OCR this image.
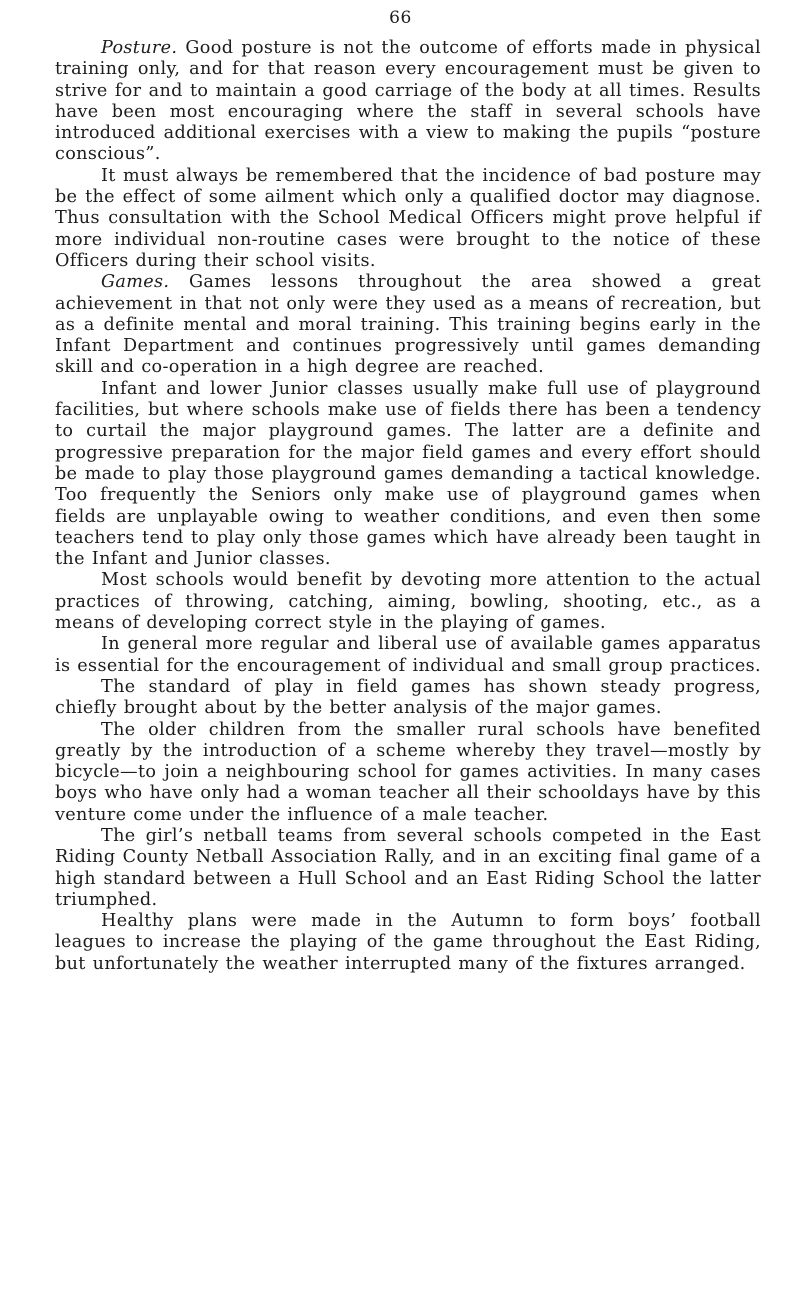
66

Posture. Good posture is not the outcome of efforts made in physical training only, and for that reason every encouragement must be given to strive for and to maintain a good carriage of the body at all times. Results have been most encouraging where the staff in several schools have introduced additional exercises with a view to making the pupils “posture conscious”.

It must always be remembered that the incidence of bad posture may be the effect of some ailment which only a qualified doctor may diagnose. Thus consultation with the School Medical Officers might prove helpful if more individual non-routine cases were brought to the notice of these Officers during their school visits.

Games. Games lessons throughout the area showed a great achievement in that not only were they used as a means of recreation, but as a definite mental and moral training. This training begins early in the Infant Department and continues progressively until games demanding skill and co-operation in a high degree are reached.

Infant and lower Junior classes usually make full use of playground facilities, but where schools make use of fields there has been a tendency to curtail the major playground games. The latter are a definite and progressive preparation for the major field games and every effort should be made to play those playground games demanding a tactical knowledge. Too frequently the Seniors only make use of playground games when fields are unplayable owing to weather conditions, and even then some teachers tend to play only those games which have already been taught in the Infant and Junior classes.

Most schools would benefit by devoting more attention to the actual practices of throwing, catching, aiming, bowling, shooting, etc., as a means of developing correct style in the playing of games.

In general more regular and liberal use of available games apparatus is essential for the encouragement of individual and small group practices.

The standard of play in field games has shown steady progress, chiefly brought about by the better analysis of the major games.

The older children from the smaller rural schools have benefited greatly by the introduction of a scheme whereby they travel—mostly by bicycle—to join a neighbouring school for games activities. In many cases boys who have only had a woman teacher all their schooldays have by this venture come under the influence of a male teacher.

The girl’s netball teams from several schools competed in the East Riding County Netball Association Rally, and in an exciting final game of a high standard between a Hull School and an East Riding School the latter triumphed.

Healthy plans were made in the Autumn to form boys’ football leagues to increase the playing of the game throughout the East Riding, but unfortunately the weather interrupted many of the fixtures arranged.
